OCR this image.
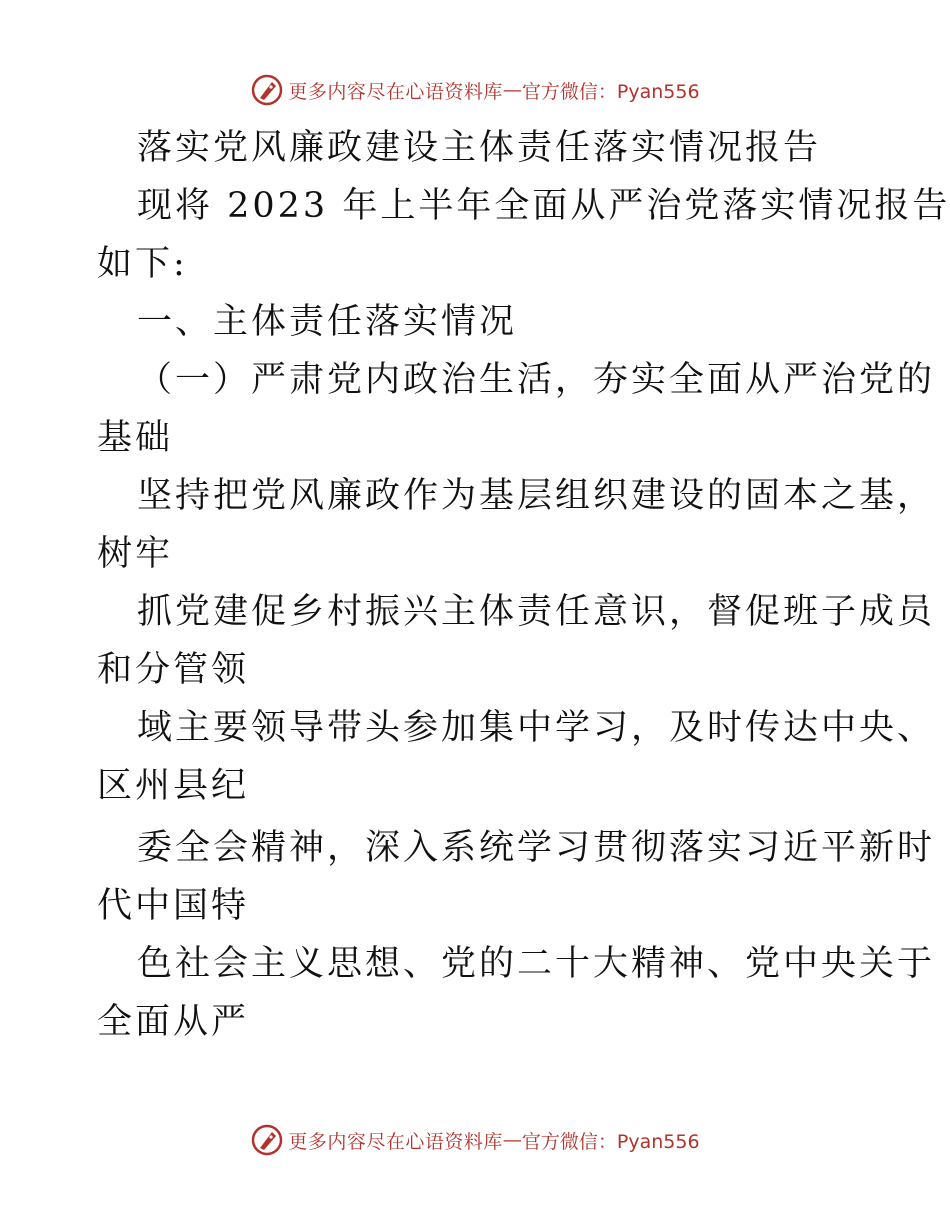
更多内容尽在心语资料库 — 官方微信：Pyan556
落实党风廉政建设主体责任落实情况报告
现将 2023 年上半年全面从严治党落实情况报告
如下:
一、主体责任落实情况
（一）严肃党内政治生活，夯实全面从严治党的
基础
坚持把党风廉政作为基层组织建设的固本之基，
树牢
抓党建促乡村振兴主体责任意识，督促班子成员
和分管领
域主要领导带头参加集中学习，及时传达中央、
区州县纪
委全会精神，深入系统学习贯彻落实习近平新时
代中国特
色社会主义思想、党的二十大精神、党中央关于
全面从严
更多内容尽在心语资料库 — 官方微信：Pyan556
